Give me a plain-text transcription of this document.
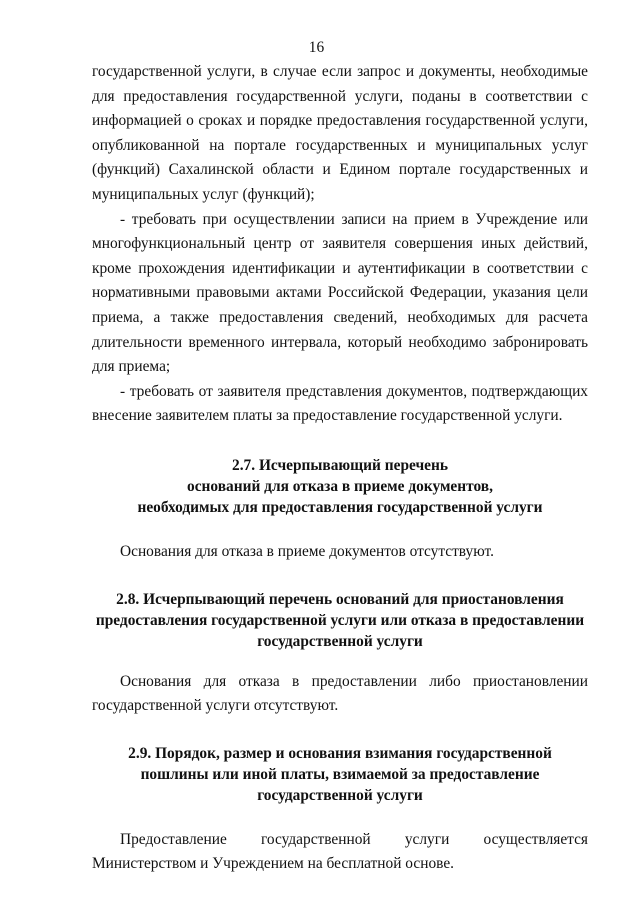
16

государственной услуги, в случае если запрос и документы, необходимые для предоставления государственной услуги, поданы в соответствии с информацией о сроках и порядке предоставления государственной услуги, опубликованной на портале государственных и муниципальных услуг (функций) Сахалинской области и Едином портале государственных и муниципальных услуг (функций);

- требовать при осуществлении записи на прием в Учреждение или многофункциональный центр от заявителя совершения иных действий, кроме прохождения идентификации и аутентификации в соответствии с нормативными правовыми актами Российской Федерации, указания цели приема, а также предоставления сведений, необходимых для расчета длительности временного интервала, который необходимо забронировать для приема;

- требовать от заявителя представления документов, подтверждающих внесение заявителем платы за предоставление государственной услуги.

2.7. Исчерпывающий перечень
оснований для отказа в приеме документов,
необходимых для предоставления государственной услуги

Основания для отказа в приеме документов отсутствуют.

2.8. Исчерпывающий перечень оснований для приостановления
предоставления государственной услуги или отказа в предоставлении
государственной услуги

Основания для отказа в предоставлении либо приостановлении государственной услуги отсутствуют.

2.9. Порядок, размер и основания взимания государственной
пошлины или иной платы, взимаемой за предоставление
государственной услуги

Предоставление государственной услуги осуществляется Министерством и Учреждением на бесплатной основе.
